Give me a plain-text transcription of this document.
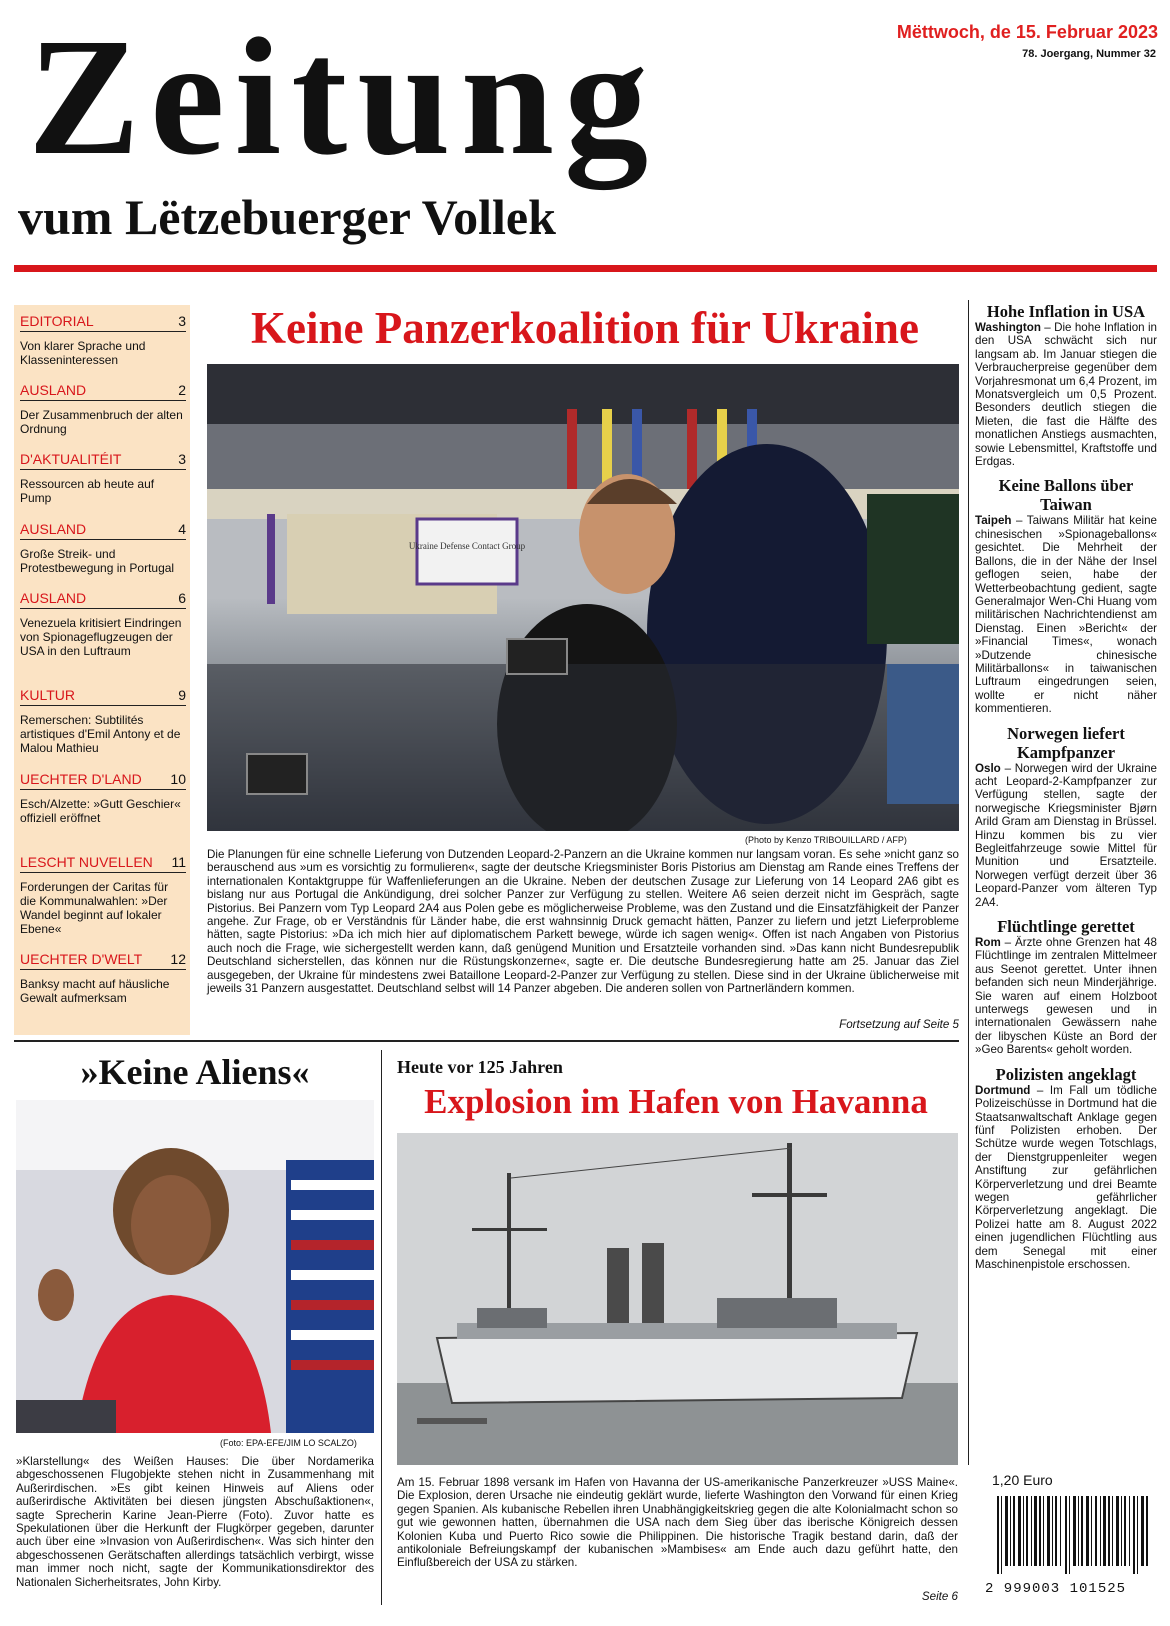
Zeitung
vum Lëtzebuerger Vollek
Mëttwoch, de 15. Februar 2023
78. Joergang, Nummer 32
EDITORIAL	3
Von klarer Sprache und Klasseninteressen
AUSLAND	2
Der Zusammenbruch der alten Ordnung
D'AKTUALITÉIT	3
Ressourcen ab heute auf Pump
AUSLAND	4
Große Streik- und Protestbewegung in Portugal
AUSLAND	6
Venezuela kritisiert Eindringen von Spionageflugzeugen der USA in den Luftraum
KULTUR	9
Remerschen: Subtilités artistiques d'Emil Antony et de Malou Mathieu
UECHTER D'LAND 10
Esch/Alzette: »Gutt Geschier« offiziell eröffnet
LESCHT NUVELLEN 11
Forderungen der Caritas für die Kommunalwahlen: »Der Wandel beginnt auf lokaler Ebene«
UECHTER D'WELT 12
Banksy macht auf häusliche Gewalt aufmerksam
Keine Panzerkoalition für Ukraine
Ukraine Defense Contact Group
(Photo by Kenzo TRIBOUILLARD / AFP)
Die Planungen für eine schnelle Lieferung von Dutzenden Leopard-2-Panzern an die Ukraine kommen nur langsam voran. Es sehe »nicht ganz so berauschend aus »um es vorsichtig zu formulieren«, sagte der deutsche Kriegsminister Boris Pistorius am Dienstag am Rande eines Treffens der internationalen Kontaktgruppe für Waffenlieferungen an die Ukraine. Neben der deutschen Zusage zur Lieferung von 14 Leopard 2A6 gibt es bislang nur aus Portugal die Ankündigung, drei solcher Panzer zur Verfügung zu stellen. Weitere A6 seien derzeit nicht im Gespräch, sagte Pistorius. Bei Panzern vom Typ Leopard 2A4 aus Polen gebe es möglicherweise Probleme, was den Zustand und die Einsatzfähigkeit der Panzer angehe. Zur Frage, ob er Verständnis für Länder habe, die erst wahnsinnig Druck gemacht hätten, Panzer zu liefern und jetzt Lieferprobleme hätten, sagte Pistorius: »Da ich mich hier auf diplomatischem Parkett bewege, würde ich sagen wenig«. Offen ist nach Angaben von Pistorius auch noch die Frage, wie sichergestellt werden kann, daß genügend Munition und Ersatzteile vorhanden sind. »Das kann nicht Bundesrepublik Deutschland sicherstellen, das können nur die Rüstungskonzerne«, sagte er. Die deutsche Bundesregierung hatte am 25. Januar das Ziel ausgegeben, der Ukraine für mindestens zwei Bataillone Leopard-2-Panzer zur Verfügung zu stellen. Diese sind in der Ukraine üblicherweise mit jeweils 31 Panzern ausgestattet. Deutschland selbst will 14 Panzer abgeben. Die anderen sollen von Partnerländern kommen.
Fortsetzung auf Seite 5
»Keine Aliens«
(Foto: EPA-EFE/JIM LO SCALZO)
»Klarstellung« des Weißen Hauses: Die über Nordamerika abgeschossenen Flugobjekte stehen nicht in Zusammenhang mit Außerirdischen. »Es gibt keinen Hinweis auf Aliens oder außerirdische Aktivitäten bei diesen jüngsten Abschußaktionen«, sagte Sprecherin Karine Jean-Pierre (Foto). Zuvor hatte es Spekulationen über die Herkunft der Flugkörper gegeben, darunter auch über eine »Invasion von Außerirdischen«. Was sich hinter den abgeschossenen Gerätschaften allerdings tatsächlich verbirgt, wisse man immer noch nicht, sagte der Kommunikationsdirektor des Nationalen Sicherheitsrates, John Kirby.
Heute vor 125 Jahren
Explosion im Hafen von Havanna
Am 15. Februar 1898 versank im Hafen von Havanna der US-amerikanische Panzerkreuzer »USS Maine«. Die Explosion, deren Ursache nie eindeutig geklärt wurde, lieferte Washington den Vorwand für einen Krieg gegen Spanien. Als kubanische Rebellen ihren Unabhängigkeitskrieg gegen die alte Kolonialmacht schon so gut wie gewonnen hatten, übernahmen die USA nach dem Sieg über das iberische Königreich dessen Kolonien Kuba und Puerto Rico sowie die Philippinen. Die historische Tragik bestand darin, daß der antikoloniale Befreiungskampf der kubanischen »Mambises« am Ende auch dazu geführt hatte, den Einflußbereich der USA zu stärken.
Seite 6
Hohe Inflation in USA
Washington – Die hohe Inflation in den USA schwächt sich nur langsam ab. Im Januar stiegen die Verbraucherpreise gegenüber dem Vorjahresmonat um 6,4 Prozent, im Monatsvergleich um 0,5 Prozent. Besonders deutlich stiegen die Mieten, die fast die Hälfte des monatlichen Anstiegs ausmachten, sowie Lebensmittel, Kraftstoffe und Erdgas.
Keine Ballons über Taiwan
Taipeh – Taiwans Militär hat keine chinesischen »Spionageballons« gesichtet. Die Mehrheit der Ballons, die in der Nähe der Insel geflogen seien, habe der Wetterbeobachtung gedient, sagte Generalmajor Wen-Chi Huang vom militärischen Nachrichtendienst am Dienstag. Einen »Bericht« der »Financial Times«, wonach »Dutzende chinesische Militärballons« in taiwanischen Luftraum eingedrungen seien, wollte er nicht näher kommentieren.
Norwegen liefert Kampfpanzer
Oslo – Norwegen wird der Ukraine acht Leopard-2-Kampfpanzer zur Verfügung stellen, sagte der norwegische Kriegsminister Bjørn Arild Gram am Dienstag in Brüssel. Hinzu kommen bis zu vier Begleitfahrzeuge sowie Mittel für Munition und Ersatzteile. Norwegen verfügt derzeit über 36 Leopard-Panzer vom älteren Typ 2A4.
Flüchtlinge gerettet
Rom – Ärzte ohne Grenzen hat 48 Flüchtlinge im zentralen Mittelmeer aus Seenot gerettet. Unter ihnen befanden sich neun Minderjährige. Sie waren auf einem Holzboot unterwegs gewesen und in internationalen Gewässern nahe der libyschen Küste an Bord der »Geo Barents« geholt worden.
Polizisten angeklagt
Dortmund – Im Fall um tödliche Polizeischüsse in Dortmund hat die Staatsanwaltschaft Anklage gegen fünf Polizisten erhoben. Der Schütze wurde wegen Totschlags, der Dienstgruppenleiter wegen Anstiftung zur gefährlichen Körperverletzung und drei Beamte wegen gefährlicher Körperverletzung angeklagt. Die Polizei hatte am 8. August 2022 einen jugendlichen Flüchtling aus dem Senegal mit einer Maschinenpistole erschossen.
1,20 Euro
2 999003 101525
